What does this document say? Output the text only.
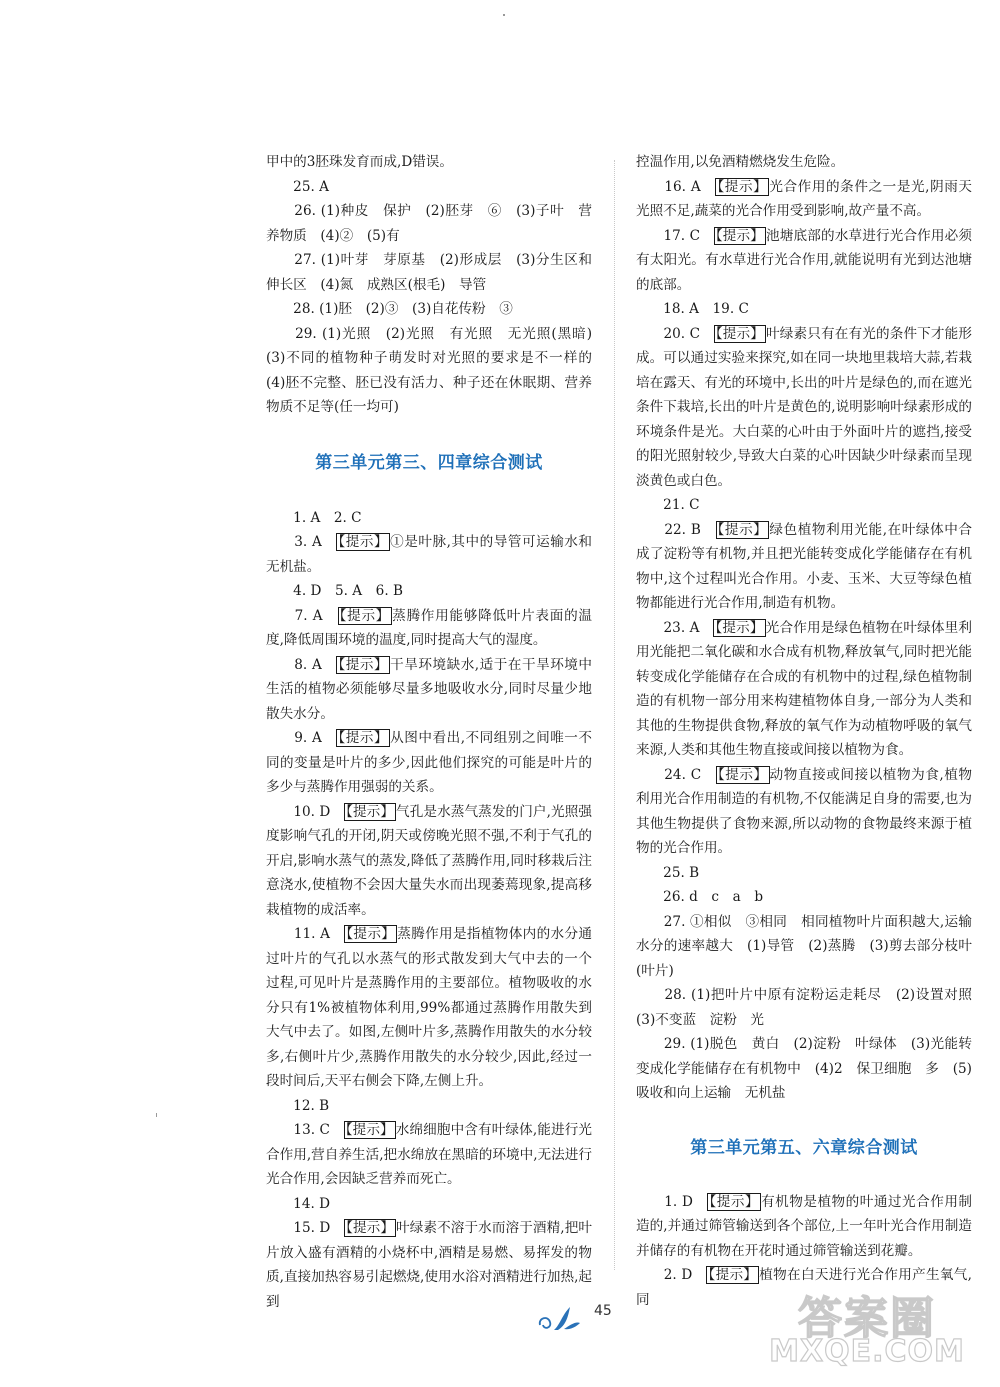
甲中的3胚珠发育而成,D错误。

　　25. A

　　26. (1)种皮　保护　(2)胚芽　⑥　(3)子叶　营养物质　(4)②　(5)有

　　27. (1)叶芽　芽原基　(2)形成层　(3)分生区和伸长区　(4)氮　成熟区(根毛)　导管

　　28. (1)胚　(2)③　(3)自花传粉　③

　　29. (1)光照　(2)光照　有光照　无光照(黑暗)　(3)不同的植物种子萌发时对光照的要求是不一样的　(4)胚不完整、胚已没有活力、种子还在休眠期、营养物质不足等(任一均可)

第三单元第三、四章综合测试

　　1. A　2. C

　　3. A　【提示】 ①是叶脉,其中的导管可运输水和无机盐。

　　4. D　5. A　6. B

　　7. A　【提示】 蒸腾作用能够降低叶片表面的温度,降低周围环境的温度,同时提高大气的湿度。

　　8. A　【提示】 干旱环境缺水,适于在干旱环境中生活的植物必须能够尽量多地吸收水分,同时尽量少地散失水分。

　　9. A　【提示】 从图中看出,不同组别之间唯一不同的变量是叶片的多少,因此他们探究的可能是叶片的多少与蒸腾作用强弱的关系。

　　10. D　【提示】 气孔是水蒸气蒸发的门户,光照强度影响气孔的开闭,阴天或傍晚光照不强,不利于气孔的开启,影响水蒸气的蒸发,降低了蒸腾作用,同时移栽后注意浇水,使植物不会因大量失水而出现萎蔫现象,提高移栽植物的成活率。

　　11. A　【提示】 蒸腾作用是指植物体内的水分通过叶片的气孔以水蒸气的形式散发到大气中去的一个过程,可见叶片是蒸腾作用的主要部位。植物吸收的水分只有1%被植物体利用,99%都通过蒸腾作用散失到大气中去了。如图,左侧叶片多,蒸腾作用散失的水分较多,右侧叶片少,蒸腾作用散失的水分较少,因此,经过一段时间后,天平右侧会下降,左侧上升。

　　12. B

　　13. C　【提示】 水绵细胞中含有叶绿体,能进行光合作用,营自养生活,把水绵放在黑暗的环境中,无法进行光合作用,会因缺乏营养而死亡。

　　14. D

　　15. D　【提示】 叶绿素不溶于水而溶于酒精,把叶片放入盛有酒精的小烧杯中,酒精是易燃、易挥发的物质,直接加热容易引起燃烧,使用水浴对酒精进行加热,起到

控温作用,以免酒精燃烧发生危险。

　　16. A　【提示】 光合作用的条件之一是光,阴雨天光照不足,蔬菜的光合作用受到影响,故产量不高。

　　17. C　【提示】 池塘底部的水草进行光合作用必须有太阳光。有水草进行光合作用,就能说明有光到达池塘的底部。

　　18. A　19. C

　　20. C　【提示】 叶绿素只有在有光的条件下才能形成。可以通过实验来探究,如在同一块地里栽培大蒜,若栽培在露天、有光的环境中,长出的叶片是绿色的,而在遮光条件下栽培,长出的叶片是黄色的,说明影响叶绿素形成的环境条件是光。大白菜的心叶由于外面叶片的遮挡,接受的阳光照射较少,导致大白菜的心叶因缺少叶绿素而呈现淡黄色或白色。

　　21. C

　　22. B　【提示】 绿色植物利用光能,在叶绿体中合成了淀粉等有机物,并且把光能转变成化学能储存在有机物中,这个过程叫光合作用。小麦、玉米、大豆等绿色植物都能进行光合作用,制造有机物。

　　23. A　【提示】 光合作用是绿色植物在叶绿体里利用光能把二氧化碳和水合成有机物,释放氧气,同时把光能转变成化学能储存在合成的有机物中的过程,绿色植物制造的有机物一部分用来构建植物体自身,一部分为人类和其他的生物提供食物,释放的氧气作为动植物呼吸的氧气来源,人类和其他生物直接或间接以植物为食。

　　24. C　【提示】 动物直接或间接以植物为食,植物利用光合作用制造的有机物,不仅能满足自身的需要,也为其他生物提供了食物来源,所以动物的食物最终来源于植物的光合作用。

　　25. B

　　26. d　c　a　b

　　27. ①相似　③相同　相同植物叶片面积越大,运输水分的速率越大　(1)导管　(2)蒸腾　(3)剪去部分枝叶(叶片)

　　28. (1)把叶片中原有淀粉运走耗尽　(2)设置对照　(3)不变蓝　淀粉　光

　　29. (1)脱色　黄白　(2)淀粉　叶绿体　(3)光能转变成化学能储存在有机物中　(4)2　保卫细胞　多　(5)吸收和向上运输　无机盐

第三单元第五、六章综合测试

　　1. D　【提示】 有机物是植物的叶通过光合作用制造的,并通过筛管输送到各个部位,上一年叶光合作用制造并储存的有机物在开花时通过筛管输送到花瓣。

　　2. D　【提示】 植物在白天进行光合作用产生氧气,同

45	答案圈
MXQE.COM
